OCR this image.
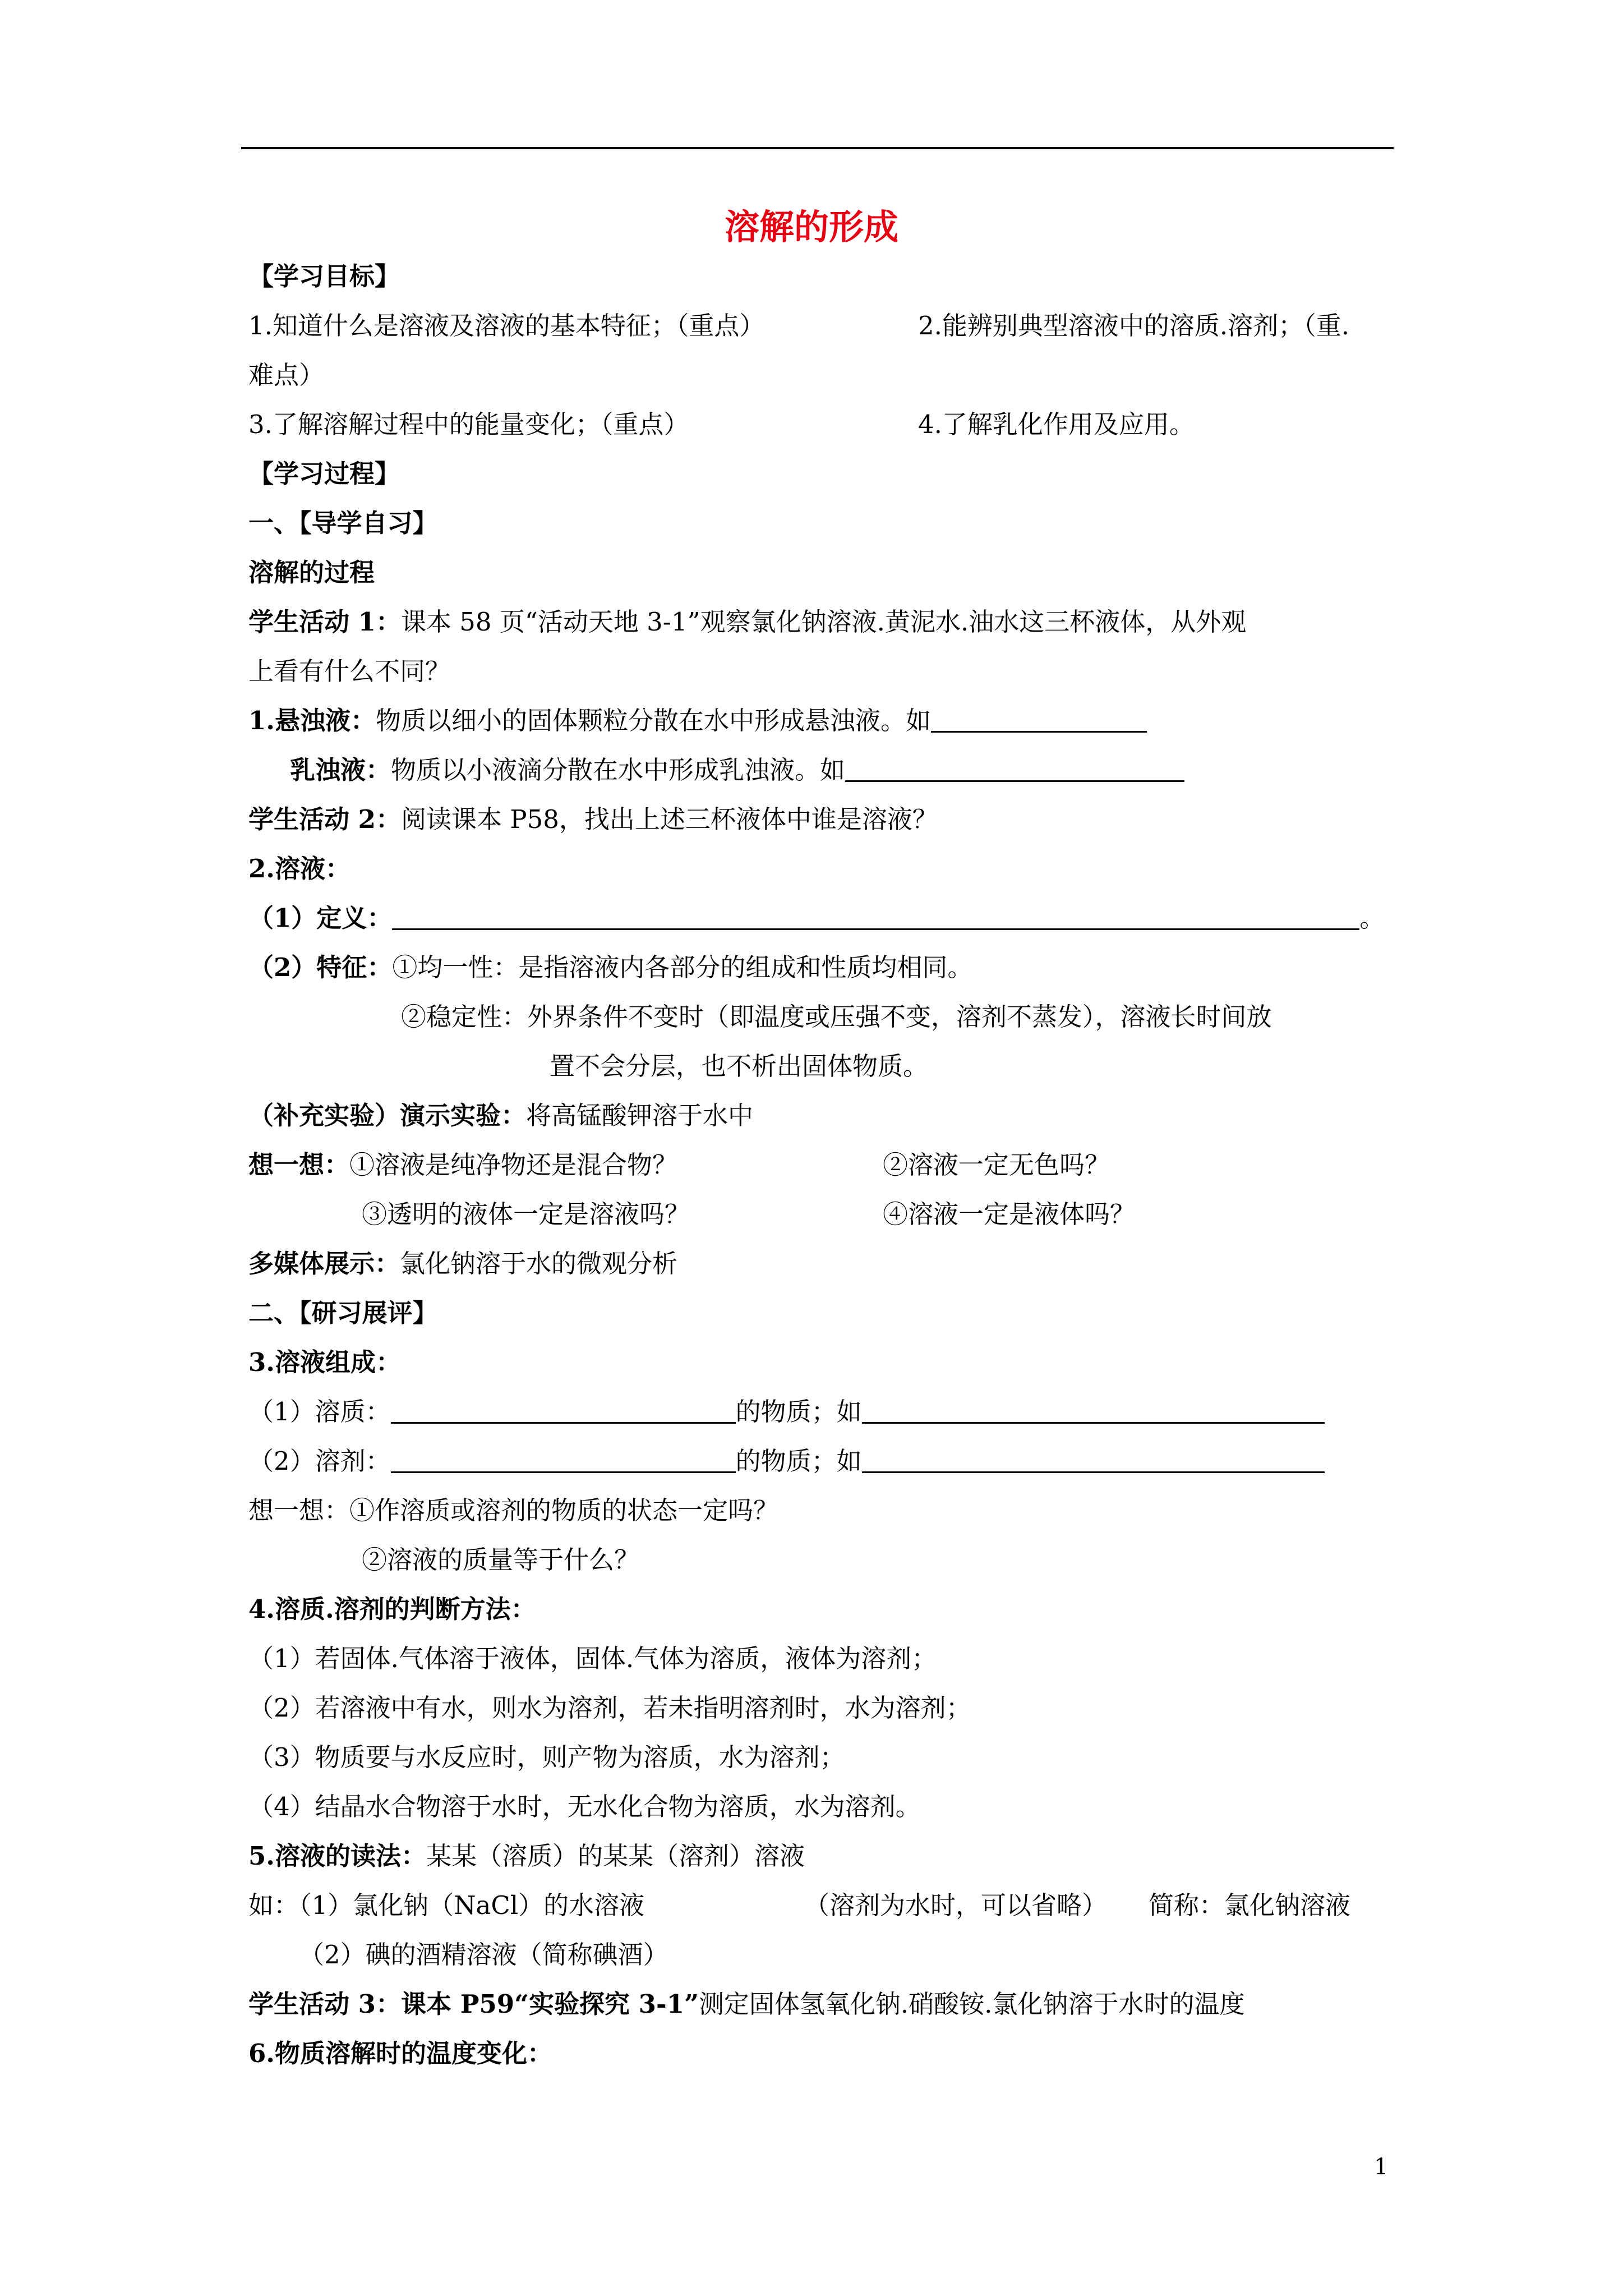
溶解的形成
【学习目标】
1.知道什么是溶液及溶液的基本特征；（重点）	2.能辨别典型溶液中的溶质.溶剂；（重.
难点）
3.了解溶解过程中的能量变化；（重点）	4.了解乳化作用及应用。
【学习过程】
一、【导学自习】
溶解的过程
学生活动 1：课本 58 页“活动天地 3-1”观察氯化钠溶液.黄泥水.油水这三杯液体，从外观
上看有什么不同？
1.悬浊液：物质以细小的固体颗粒分散在水中形成悬浊液。如
乳浊液：物质以小液滴分散在水中形成乳浊液。如
学生活动 2：阅读课本 P58，找出上述三杯液体中谁是溶液？
2.溶液：
（1）定义：	。
（2）特征：①均一性：是指溶液内各部分的组成和性质均相同。
②稳定性：外界条件不变时（即温度或压强不变，溶剂不蒸发），溶液长时间放
置不会分层，也不析出固体物质。
（补充实验）演示实验：将高锰酸钾溶于水中
想一想：①溶液是纯净物还是混合物？	②溶液一定无色吗？
③透明的液体一定是溶液吗？	④溶液一定是液体吗？
多媒体展示：氯化钠溶于水的微观分析
二、【研习展评】
3.溶液组成：
（1）溶质：	的物质；如
（2）溶剂：	的物质；如
想一想：①作溶质或溶剂的物质的状态一定吗？
②溶液的质量等于什么？
4.溶质.溶剂的判断方法：
（1）若固体.气体溶于液体，固体.气体为溶质，液体为溶剂；
（2）若溶液中有水，则水为溶剂，若未指明溶剂时，水为溶剂；
（3）物质要与水反应时，则产物为溶质，水为溶剂；
（4）结晶水合物溶于水时，无水化合物为溶质，水为溶剂。
5.溶液的读法：某某（溶质）的某某（溶剂）溶液
如：（1）氯化钠（NaCl）的水溶液	（溶剂为水时，可以省略） 简称：氯化钠溶液
（2）碘的酒精溶液（简称碘酒）
学生活动 3：课本 P59“实验探究 3-1”测定固体氢氧化钠.硝酸铵.氯化钠溶于水时的温度
6.物质溶解时的温度变化：
1
